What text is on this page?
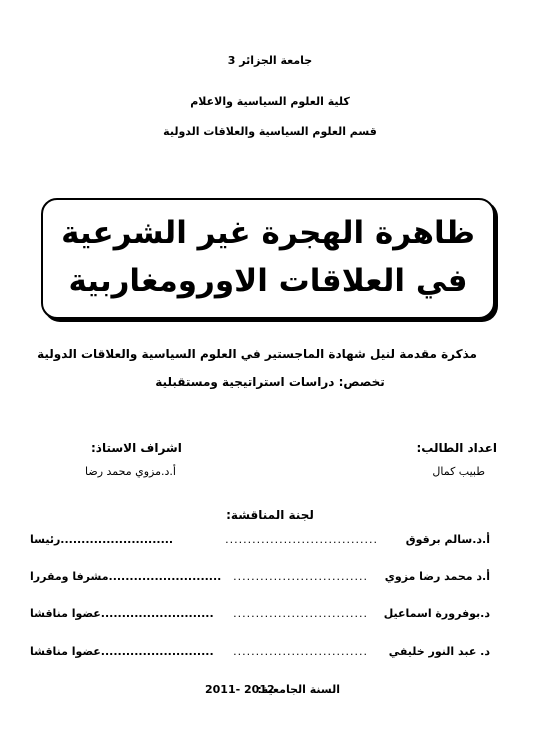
جامعة الجزائر 3
كلية العلوم السياسية والاعلام
قسم العلوم السياسية والعلاقات الدولية
ظاهرة الهجرة غير الشرعية
في العلاقات الاورومغاربية
مذكرة مقدمة لنيل شهادة الماجستير في العلوم السياسية والعلاقات الدولية
تخصص: دراسات استراتيجية ومستقبلية
اعداد الطالب:
طبيب كمال
اشراف الاستاذ:
أ.د.مزوي محمد رضا
لجنة المناقشة:
أ.د.سالم برقوق
..................................
...........................رئيسا
أ.د محمد رضا مزوي
..............................
...........................مشرفا ومقررا
د.بوفرورة اسماعيل
..............................
...........................عضوا مناقشا
د. عبد النور خليفي
..............................
...........................عضوا مناقشا
السنة الجامعية:
2011- 2012
